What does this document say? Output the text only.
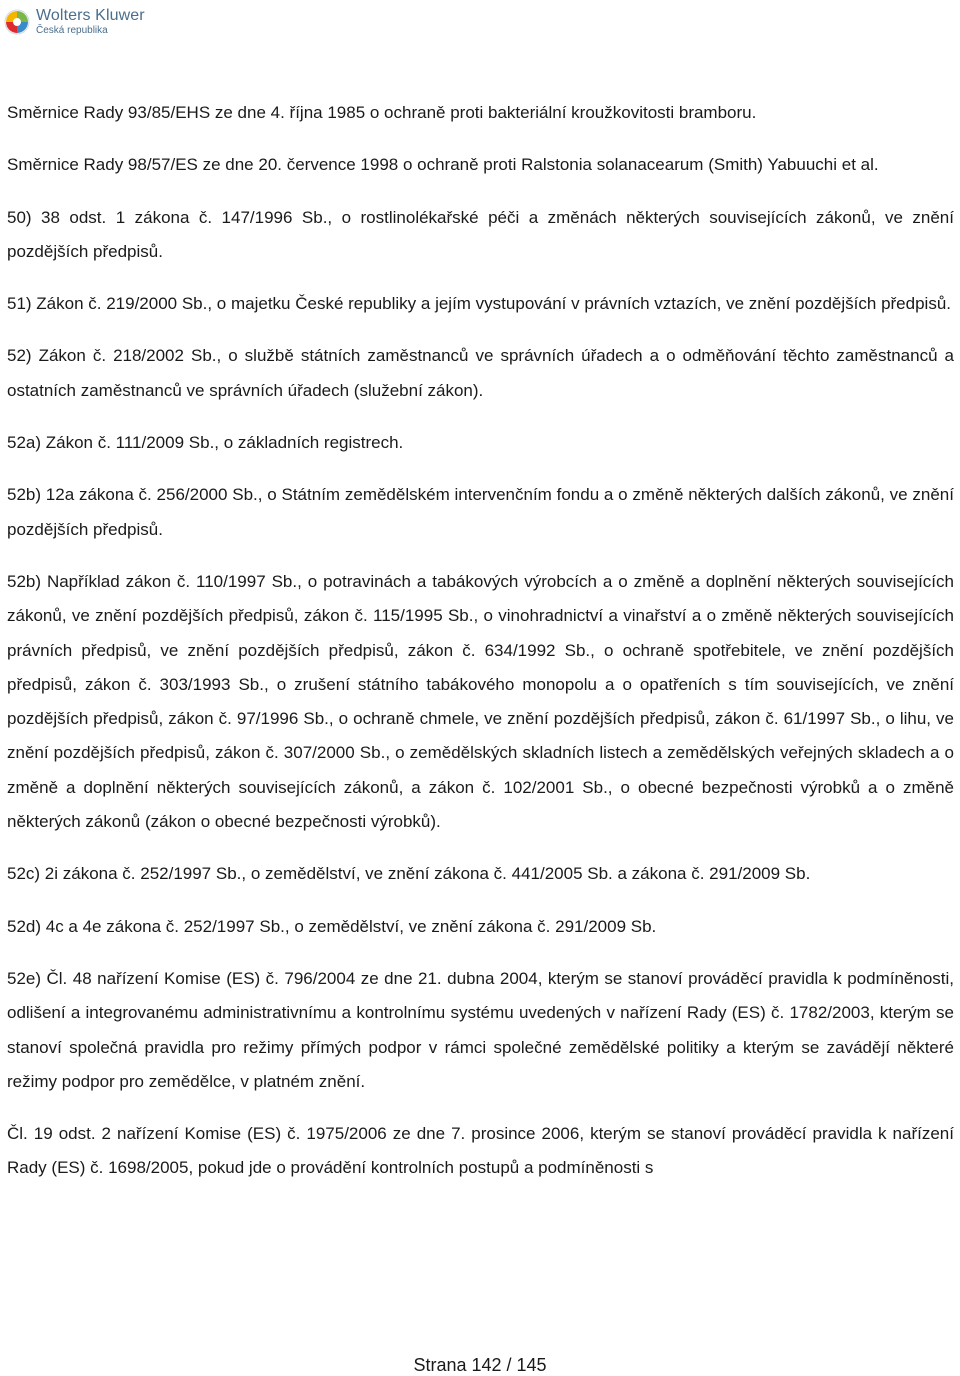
Wolters Kluwer
Česká republika

Směrnice Rady 93/85/EHS ze dne 4. října 1985 o ochraně proti bakteriální kroužkovitosti bramboru.

Směrnice Rady 98/57/ES ze dne 20. července 1998 o ochraně proti Ralstonia solanacearum (Smith) Yabuuchi et al.

50) 38 odst. 1 zákona č. 147/1996 Sb., o rostlinolékařské péči a změnách některých souvisejících zákonů, ve znění pozdějších předpisů.

51) Zákon č. 219/2000 Sb., o majetku České republiky a jejím vystupování v právních vztazích, ve znění pozdějších předpisů.

52) Zákon č. 218/2002 Sb., o službě státních zaměstnanců ve správních úřadech a o odměňování těchto zaměstnanců a ostatních zaměstnanců ve správních úřadech (služební zákon).

52a) Zákon č. 111/2009 Sb., o základních registrech.

52b) 12a zákona č. 256/2000 Sb., o Státním zemědělském intervenčním fondu a o změně některých dalších zákonů, ve znění pozdějších předpisů.

52b) Například zákon č. 110/1997 Sb., o potravinách a tabákových výrobcích a o změně a doplnění některých souvisejících zákonů, ve znění pozdějších předpisů, zákon č. 115/1995 Sb., o vinohradnictví a vinařství a o změně některých souvisejících právních předpisů, ve znění pozdějších předpisů, zákon č. 634/1992 Sb., o ochraně spotřebitele, ve znění pozdějších předpisů, zákon č. 303/1993 Sb., o zrušení státního tabákového monopolu a o opatřeních s tím souvisejících, ve znění pozdějších předpisů, zákon č. 97/1996 Sb., o ochraně chmele, ve znění pozdějších předpisů, zákon č. 61/1997 Sb., o lihu, ve znění pozdějších předpisů, zákon č. 307/2000 Sb., o zemědělských skladních listech a zemědělských veřejných skladech a o změně a doplnění některých souvisejících zákonů, a zákon č. 102/2001 Sb., o obecné bezpečnosti výrobků a o změně některých zákonů (zákon o obecné bezpečnosti výrobků).

52c) 2i zákona č. 252/1997 Sb., o zemědělství, ve znění zákona č. 441/2005 Sb. a zákona č. 291/2009 Sb.

52d) 4c a 4e zákona č. 252/1997 Sb., o zemědělství, ve znění zákona č. 291/2009 Sb.

52e) Čl. 48 nařízení Komise (ES) č. 796/2004 ze dne 21. dubna 2004, kterým se stanoví prováděcí pravidla k podmíněnosti, odlišení a integrovanému administrativnímu a kontrolnímu systému uvedených v nařízení Rady (ES) č. 1782/2003, kterým se stanoví společná pravidla pro režimy přímých podpor v rámci společné zemědělské politiky a kterým se zavádějí některé režimy podpor pro zemědělce, v platném znění.

Čl. 19 odst. 2 nařízení Komise (ES) č. 1975/2006 ze dne 7. prosince 2006, kterým se stanoví prováděcí pravidla k nařízení Rady (ES) č. 1698/2005, pokud jde o provádění kontrolních postupů a podmíněnosti s

Strana 142 / 145
